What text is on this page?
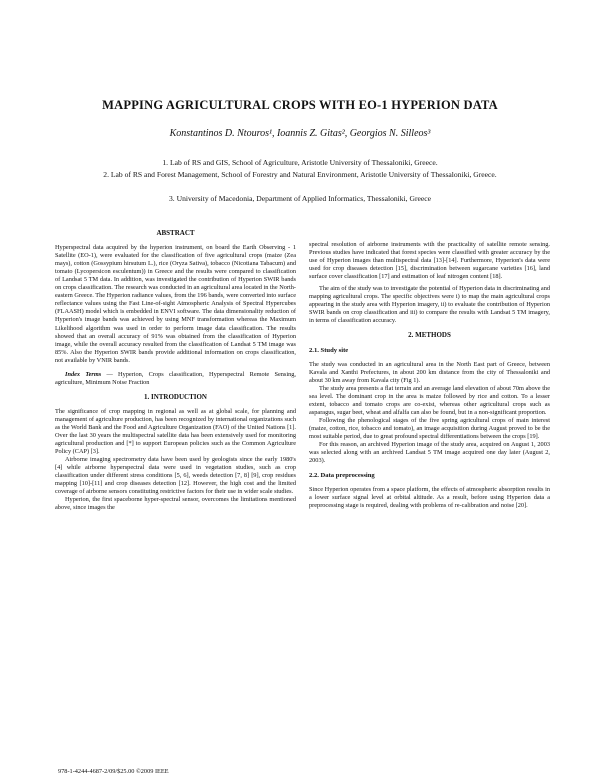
MAPPING AGRICULTURAL CROPS WITH EO-1 HYPERION DATA
Konstantinos D. Ntouros¹, Ioannis Z. Gitas², Georgios N. Silleos³
1. Lab of RS and GIS, School of Agriculture, Aristotle University of Thessaloniki, Greece.
2. Lab of RS and Forest Management, School of Forestry and Natural Environment, Aristotle University of Thessaloniki, Greece.
3. University of Macedonia, Department of Applied Informatics, Thessaloniki, Greece
ABSTRACT

Hyperspectral data acquired by the hyperion instrument, on board the Earth Observing - 1 Satellite (EO-1), were evaluated for the classification of five agricultural crops (maize (Zea mays), cotton (Gossypium hirsutum L.), rice (Oryza Sativa), tobacco (Nicotiana Tabacum) and tomato (Lycopersicon esculentum)) in Greece and the results were compared to classification of Landsat 5 TM data. In addition, was investigated the contribution of Hyperion SWIR bands on crops classification. The research was conducted in an agricultural area located in the North-eastern Greece. The Hyperion radiance values, from the 196 bands, were converted into surface reflectance values using the Fast Line-of-sight Atmospheric Analysis of Spectral Hypercubes (FLAASH) model which is embedded in ENVI software. The data dimensionality reduction of Hyperion's image bands was achieved by using MNF transformation whereas the Maximum Likelihood algorithm was used in order to perform image data classification. The results showed that an overall accuracy of 91% was obtained from the classification of Hyperion image, while the overall accuracy resulted from the classification of Landsat 5 TM image was 85%. Also the Hyperion SWIR bands provide additional information on crops classification, not available by VNIR bands.

Index Terms — Hyperion, Crops classification, Hyperspectral Remote Sensing, agriculture, Minimum Noise Fraction

1. INTRODUCTION

The significance of crop mapping in regional as well as at global scale, for planning and management of agriculture production, has been recognized by international organizations such as the World Bank and the Food and Agriculture Organization (FAO) of the United Nations [1]. Over the last 30 years the multispectral satellite data has been extensively used for monitoring agricultural production and [*] to support European policies such as the Common Agriculture Policy (CAP) [3].

Airborne imaging spectrometry data have been used by geologists since the early 1980's [4] while airborne hyperspectral data were used in vegetation studies, such as crop classification under different stress conditions [5, 6], weeds detection [7, 8] [9], crop residues mapping [10]-[11] and crop diseases detection [12]. However, the high cost and the limited coverage of airborne sensors constituting restrictive factors for their use in wider scale studies.

Hyperion, the first spaceborne hyper-spectral sensor, overcomes the limitations mentioned above, since images the

spectral resolution of airborne instruments with the practicality of satellite remote sensing. Previous studies have indicated that forest species were classified with greater accuracy by the use of Hyperion images than multispectral data [13]-[14]. Furthermore, Hyperion's data were used for crop diseases detection [15], discrimination between sugarcane varieties [16], land surface cover classification [17] and estimation of leaf nitrogen content [18].

The aim of the study was to investigate the potential of Hyperion data in discriminating and mapping agricultural crops. The specific objectives were i) to map the main agricultural crops appearing in the study area with Hyperion imagery, ii) to evaluate the contribution of Hyperion SWIR bands on crop classification and iii) to compare the results with Landsat 5 TM imagery, in terms of classification accuracy.

2. METHODS
2.1. Study site

The study was conducted in an agricultural area in the North East part of Greece, between Kavala and Xanthi Prefectures, in about 200 km distance from the city of Thessaloniki and about 30 km away from Kavala city (Fig 1).

The study area presents a flat terrain and an average land elevation of about 70m above the sea level. The dominant crop in the area is maize followed by rice and cotton. To a lesser extent, tobacco and tomato crops are co-exist, whereas other agricultural crops such as asparagus, sugar beet, wheat and alfalfa can also be found, but in a non-significant proportion.

Following the phenological stages of the five spring agricultural crops of main interest (maize, cotton, rice, tobacco and tomato), an image acquisition during August proved to be the most suitable period, due to great profound spectral differentiations between the crops [19].

For this reason, an archived Hyperion image of the study area, acquired on August 1, 2003 was selected along with an archived Landsat 5 TM image acquired one day later (August 2, 2003).

2.2. Data preprocessing

Since Hyperion operates from a space platform, the effects of atmospheric absorption results in a lower surface signal level at orbital altitude. As a result, before using Hyperion data a preprocessing stage is required, dealing with problems of re-calibration and noise [20].

978-1-4244-4687-2/09/$25.00 ©2009 IEEE
